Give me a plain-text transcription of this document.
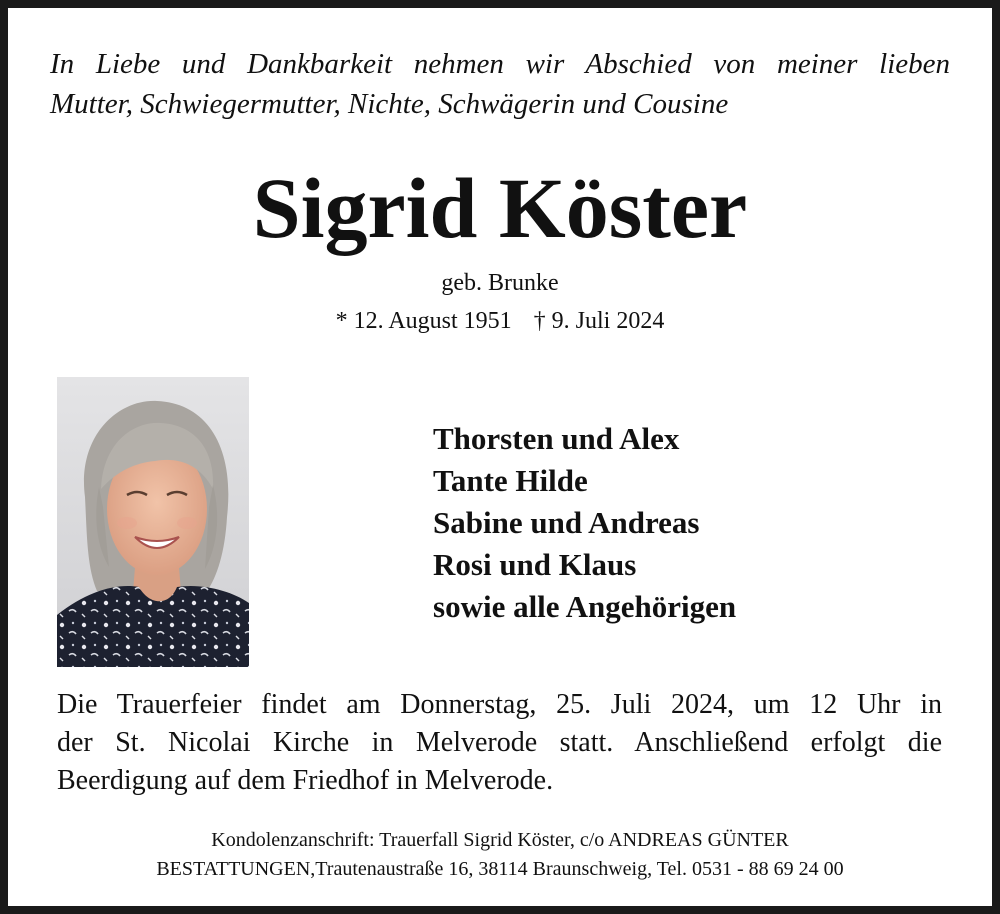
In Liebe und Dankbarkeit nehmen wir Abschied von meiner lieben
Mutter, Schwiegermutter, Nichte, Schwägerin und Cousine
Sigrid Köster
geb. Brunke
* 12. August 1951 † 9. Juli 2024
Thorsten und Alex
Tante Hilde
Sabine und Andreas
Rosi und Klaus
sowie alle Angehörigen
Die Trauerfeier findet am Donnerstag, 25. Juli 2024, um 12 Uhr in
der St. Nicolai Kirche in Melverode statt. Anschließend erfolgt die
Beerdigung auf dem Friedhof in Melverode.
Kondolenzanschrift: Trauerfall Sigrid Köster, c/o ANDREAS GÜNTER
BESTATTUNGEN,Trautenaustraße 16, 38114 Braunschweig, Tel. 0531 - 88 69 24 00
